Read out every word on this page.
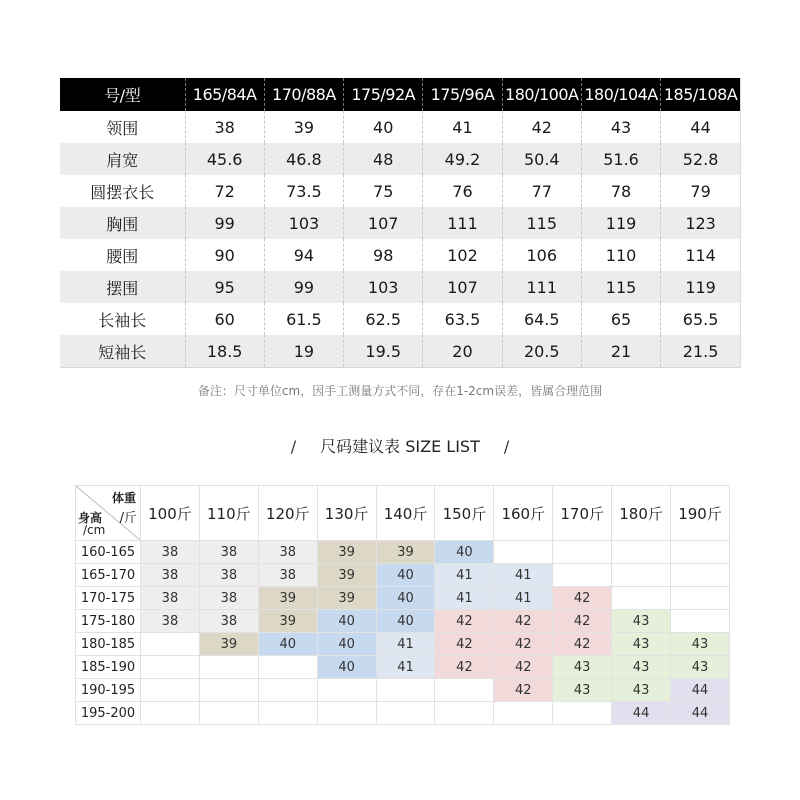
号/型	165/84A	170/88A	175/92A	175/96A	180/100A	180/104A	185/108A
领围	38	39	40	41	42	43	44
肩宽	45.6	46.8	48	49.2	50.4	51.6	52.8
圆摆衣长	72	73.5	75	76	77	78	79
胸围	99	103	107	111	115	119	123
腰围	90	94	98	102	106	110	114
摆围	95	99	103	107	111	115	119
长袖长	60	61.5	62.5	63.5	64.5	65	65.5
短袖长	18.5	19	19.5	20	20.5	21	21.5
备注：尺寸单位cm，因手工测量方式不同，存在1-2cm误差，皆属合理范围
/ 尺码建议表 SIZE LIST /
体重
/斤
身高
/cm	100斤	110斤	120斤	130斤	140斤	150斤	160斤	170斤	180斤	190斤
160-165	38	38	38	39	39	40				
165-170	38	38	38	39	40	41	41			
170-175	38	38	39	39	40	41	41	42		
175-180	38	38	39	40	40	42	42	42	43	
180-185		39	40	40	41	42	42	42	43	43
185-190				40	41	42	42	43	43	43
190-195							42	43	43	44
195-200									44	44
